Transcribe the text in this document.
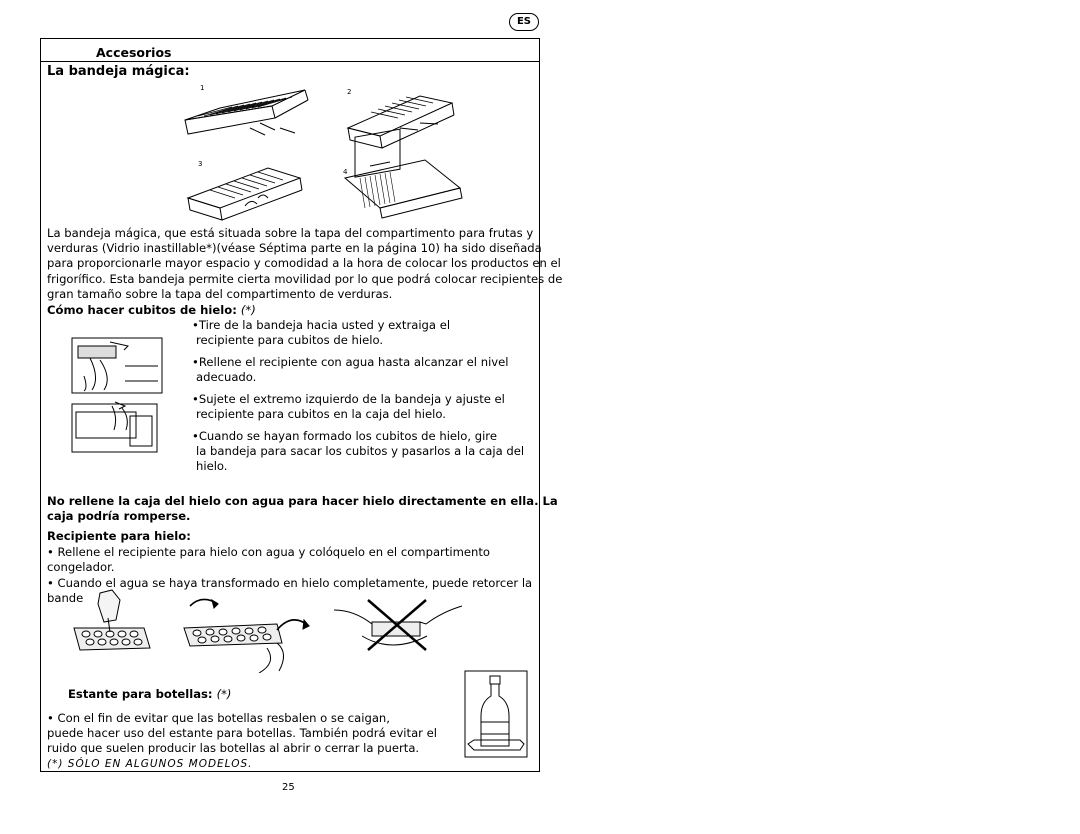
ES
Accesorios
La bandeja mágica:
1	2
3
4
La bandeja mágica, que está situada sobre la tapa del compartimento para frutas y
verduras (Vidrio inastillable*)(véase Séptima parte en la página 10) ha sido diseñada
para proporcionarle mayor espacio y comodidad a la hora de colocar los productos en el
frigorífico. Esta bandeja permite cierta movilidad por lo que podrá colocar recipientes de
gran tamaño sobre la tapa del compartimento de verduras.
Cómo hacer cubitos de hielo: (*)
•Tire de la bandeja hacia usted y extraiga el
recipiente para cubitos de hielo.
•Rellene el recipiente con agua hasta alcanzar el nivel
adecuado.
•Sujete el extremo izquierdo de la bandeja y ajuste el
recipiente para cubitos en la caja del hielo.
•Cuando se hayan formado los cubitos de hielo, gire
la bandeja para sacar los cubitos y pasarlos a la caja del
hielo.
No rellene la caja del hielo con agua para hacer hielo directamente en ella. La
caja podría romperse.
Recipiente para hielo:
• Rellene el recipiente para hielo con agua y colóquelo en el compartimento
congelador.
• Cuando el agua se haya transformado en hielo completamente, puede retorcer la
bande
Estante para botellas: (*)
• Con el fin de evitar que las botellas resbalen o se caigan,
puede hacer uso del estante para botellas. También podrá evitar el
ruido que suelen producir las botellas al abrir o cerrar la puerta.
(*) SÓLO EN ALGUNOS MODELOS.
25
